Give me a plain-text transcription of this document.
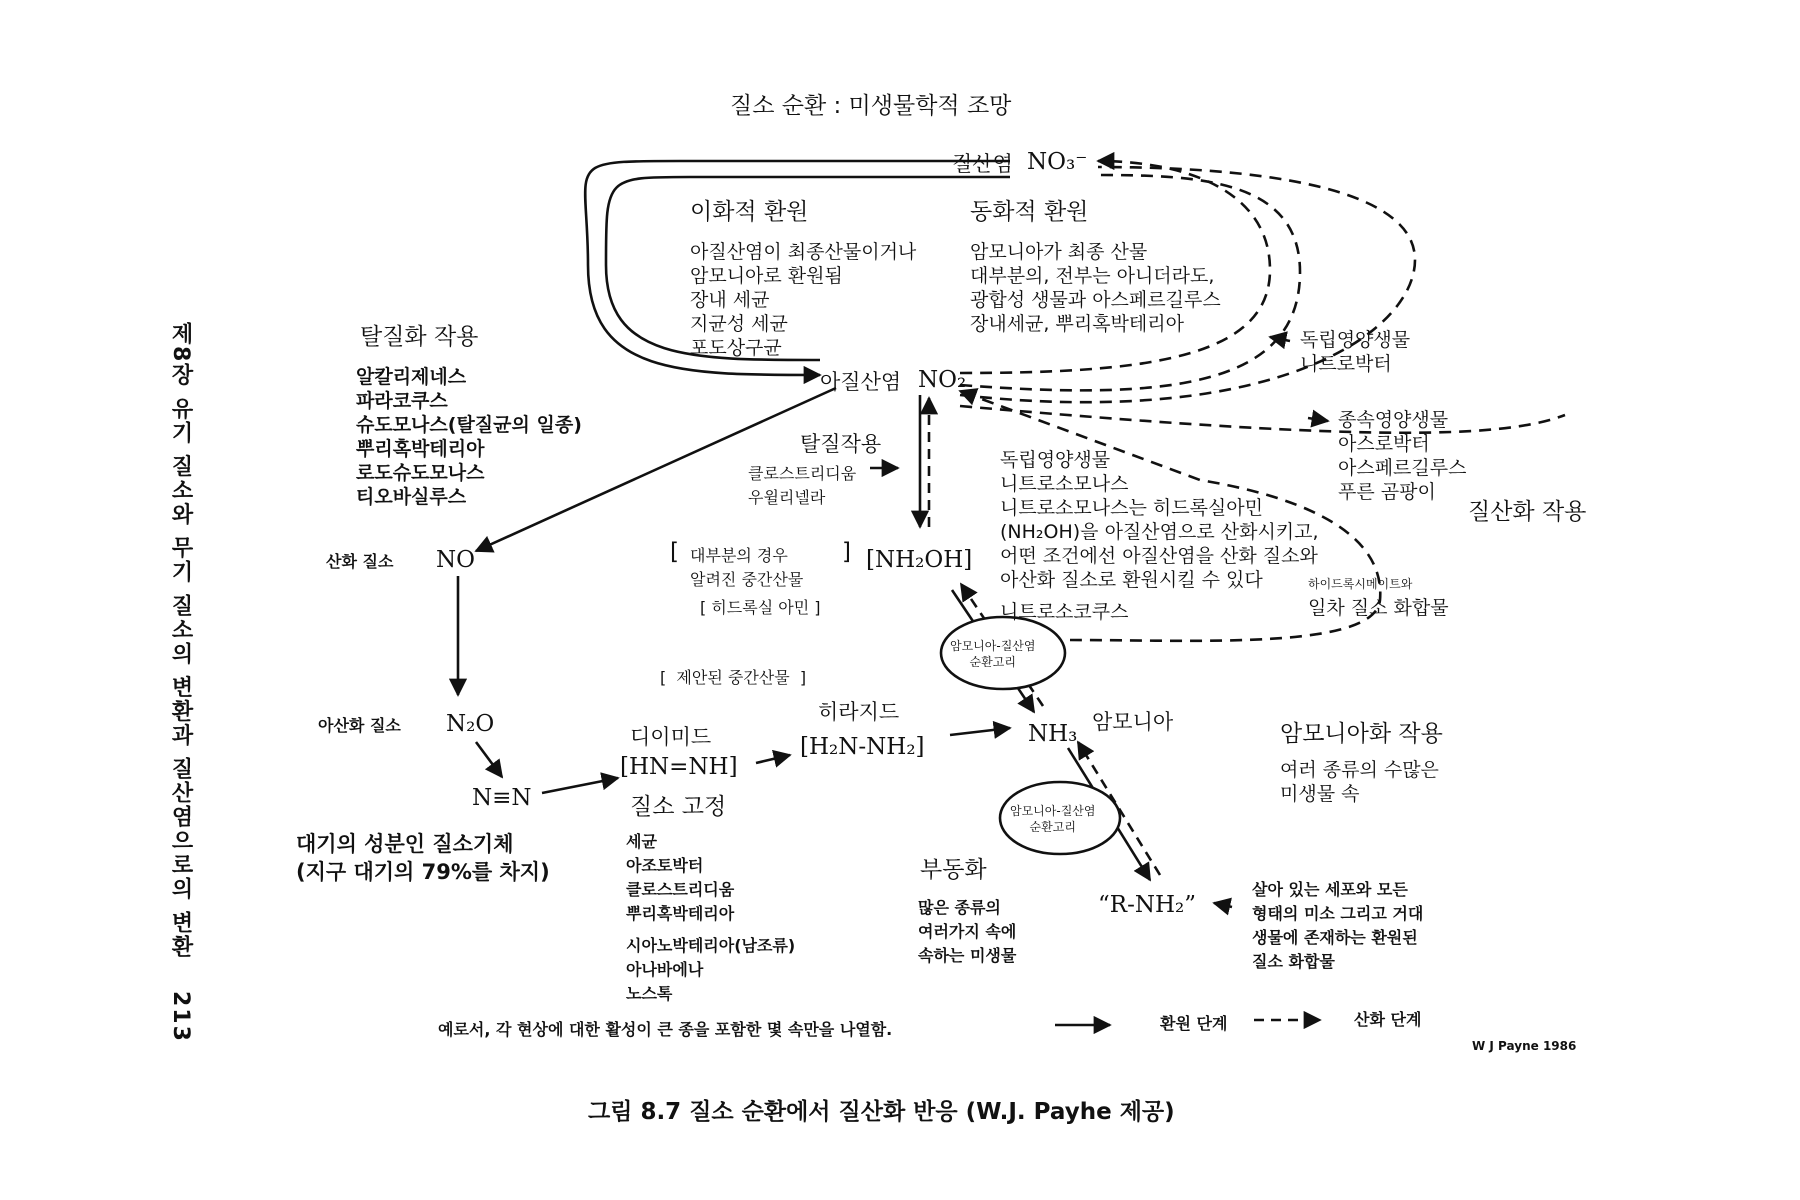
제8장 유기 질소와 무기 질소의 변환과 질산염으로의 변환 213
질소 순환 : 미생물학적 조망
질산염 NO₃⁻
이화적 환원
아질산염이 최종산물이거나
암모니아로 환원됨
장내 세균
지균성 세균
포도상구균
동화적 환원
암모니아가 최종 산물
대부분의, 전부는 아니더라도,
광합성 생물과 아스페르길루스
장내세균, 뿌리혹박테리아
탈질화 작용
알칼리제네스
파라코쿠스
슈도모나스(탈질균의 일종)
뿌리혹박테리아
로도슈도모나스
티오바실루스
아질산염 NO₂
독립영양생물
니트로박터
종속영양생물
아스로박터
아스페르길루스
푸른 곰팡이
질산화 작용
탈질작용
클로스트리디움
우윌리넬라
독립영양생물
니트로소모나스
니트로소모나스는 히드록실아민
(NH₂OH)을 아질산염으로 산화시키고,
어떤 조건에선 아질산염을 산화 질소와
아산화 질소로 환원시킬 수 있다
니트로소코쿠스
하이드록시메이트와
일차 질소 화합물
산화 질소 NO	[ 대부분의 경우
알려진 중간산물
]
[ 히드록실 아민 ]
[NH₂OH]
[  제안된 중간산물  ]
암모니아-질산염
순환고리
암모니아-질산염
순환고리
아산화 질소 N₂O	디이미드
[HN=NH]
히라지드
[H₂N-NH₂]	NH₃ 암모니아	암모니아화 작용
여러 종류의 수많은
미생물 속
N≡N	질소 고정
세균
아조토박터
클로스트리디움
뿌리혹박테리아
시아노박테리아(남조류)
아나바에나
노스톡
대기의 성분인 질소기체
(지구 대기의 79%를 차지)	부동화
많은 종류의
여러가지 속에
속하는 미생물
“R-NH₂”
살아 있는 세포와 모든
형태의 미소 그리고 거대
생물에 존재하는 환원된
질소 화합물
예로서, 각 현상에 대한 활성이 큰 종을 포함한 몇 속만을 나열함.	환원 단계	산화 단계
W J Payne 1986
그림 8.7 질소 순환에서 질산화 반응 (W.J. Payhe 제공)
